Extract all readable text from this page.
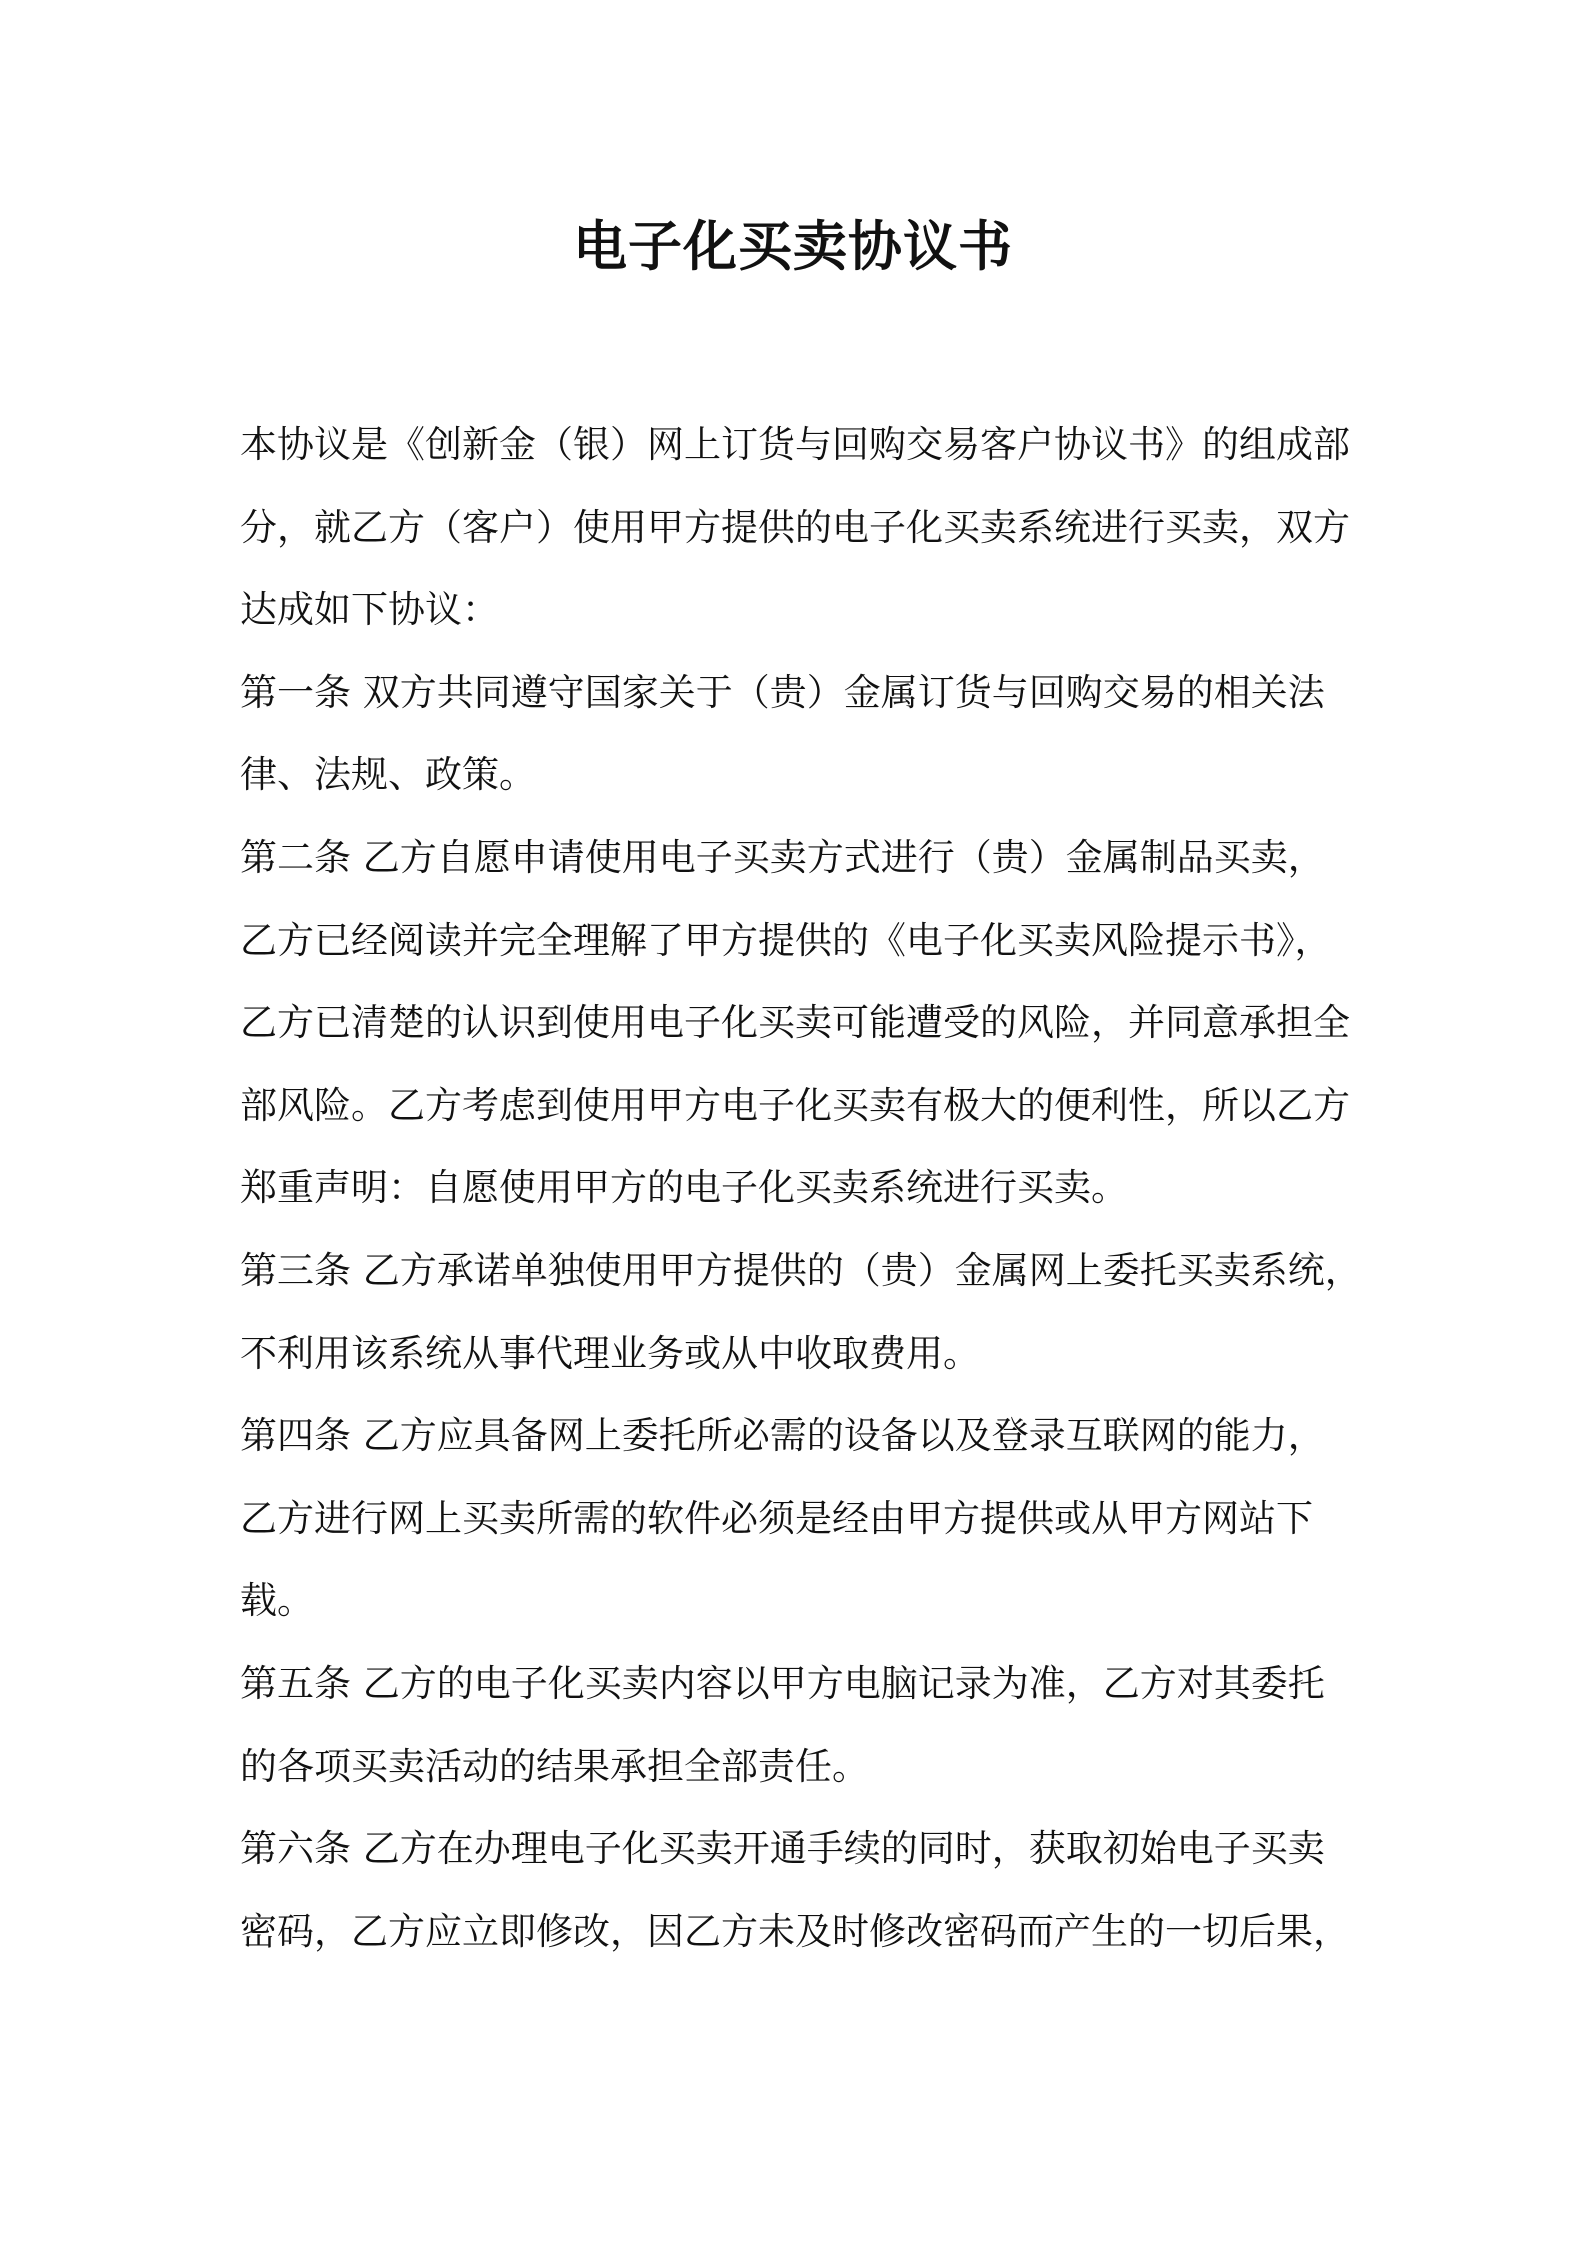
电子化买卖协议书
本协议是《创新金（银）网上订货与回购交易客户协议书》的组成部
分，就乙方（客户）使用甲方提供的电子化买卖系统进行买卖，双方
达成如下协议：
第一条 双方共同遵守国家关于（贵）金属订货与回购交易的相关法
律、法规、政策。
第二条 乙方自愿申请使用电子买卖方式进行（贵）金属制品买卖，
乙方已经阅读并完全理解了甲方提供的《电子化买卖风险提示书》，
乙方已清楚的认识到使用电子化买卖可能遭受的风险，并同意承担全
部风险。乙方考虑到使用甲方电子化买卖有极大的便利性，所以乙方
郑重声明：自愿使用甲方的电子化买卖系统进行买卖。
第三条 乙方承诺单独使用甲方提供的（贵）金属网上委托买卖系统，
不利用该系统从事代理业务或从中收取费用。
第四条 乙方应具备网上委托所必需的设备以及登录互联网的能力，
乙方进行网上买卖所需的软件必须是经由甲方提供或从甲方网站下
载。
第五条 乙方的电子化买卖内容以甲方电脑记录为准，乙方对其委托
的各项买卖活动的结果承担全部责任。
第六条 乙方在办理电子化买卖开通手续的同时，获取初始电子买卖
密码，乙方应立即修改，因乙方未及时修改密码而产生的一切后果，
